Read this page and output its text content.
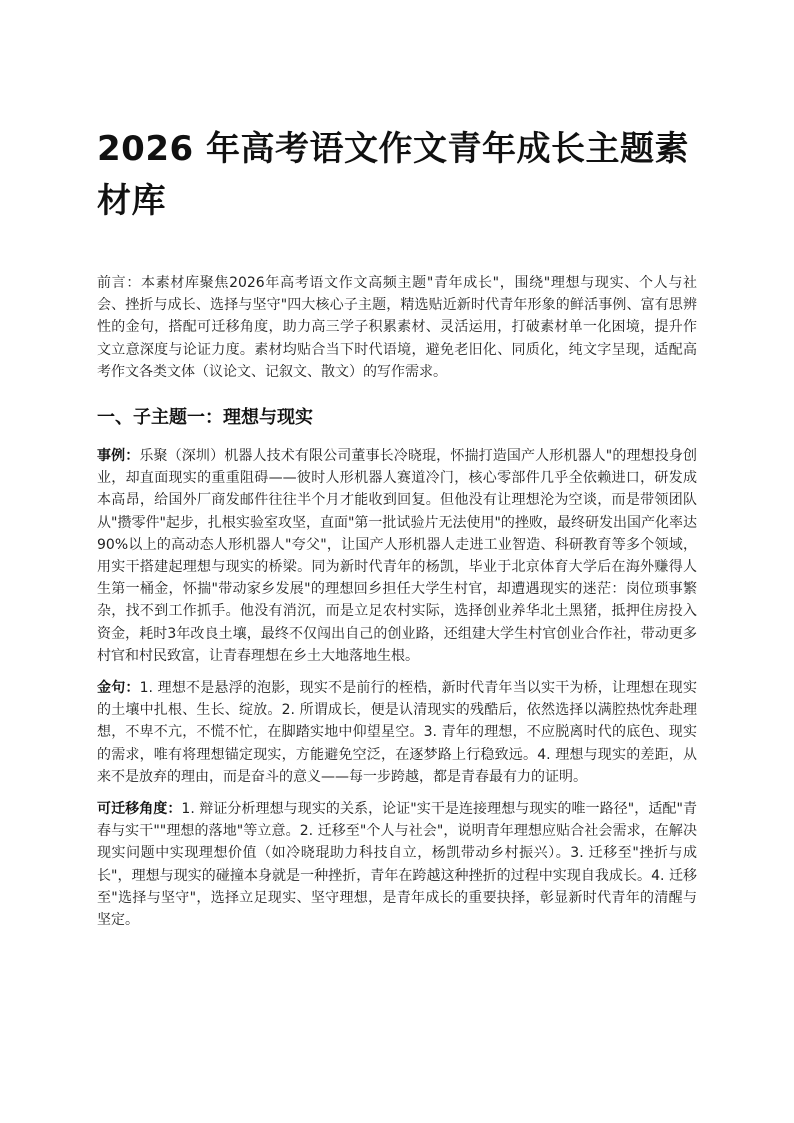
2026 年高考语文作文青年成长主题素材库

前言：本素材库聚焦2026年高考语文作文高频主题"青年成长"，围绕"理想与现实、个人与社会、挫折与成长、选择与坚守"四大核心子主题，精选贴近新时代青年形象的鲜活事例、富有思辨性的金句，搭配可迁移角度，助力高三学子积累素材、灵活运用，打破素材单一化困境，提升作文立意深度与论证力度。素材均贴合当下时代语境，避免老旧化、同质化，纯文字呈现，适配高考作文各类文体（议论文、记叙文、散文）的写作需求。

一、子主题一：理想与现实

事例：乐聚（深圳）机器人技术有限公司董事长冷晓琨，怀揣打造国产人形机器人"的理想投身创业，却直面现实的重重阻碍——彼时人形机器人赛道冷门，核心零部件几乎全依赖进口，研发成本高昂，给国外厂商发邮件往往半个月才能收到回复。但他没有让理想沦为空谈，而是带领团队从"攒零件"起步，扎根实验室攻坚，直面"第一批试验片无法使用"的挫败，最终研发出国产化率达90%以上的高动态人形机器人"夸父"，让国产人形机器人走进工业智造、科研教育等多个领域，用实干搭建起理想与现实的桥梁。同为新时代青年的杨凯，毕业于北京体育大学后在海外赚得人生第一桶金，怀揣"带动家乡发展"的理想回乡担任大学生村官，却遭遇现实的迷茫：岗位琐事繁杂，找不到工作抓手。他没有消沉，而是立足农村实际，选择创业养华北土黑猪，抵押住房投入资金，耗时3年改良土壤，最终不仅闯出自己的创业路，还组建大学生村官创业合作社，带动更多村官和村民致富，让青春理想在乡土大地落地生根。

金句：1. 理想不是悬浮的泡影，现实不是前行的桎梏，新时代青年当以实干为桥，让理想在现实的土壤中扎根、生长、绽放。2. 所谓成长，便是认清现实的残酷后，依然选择以满腔热忱奔赴理想，不卑不亢，不慌不忙，在脚踏实地中仰望星空。3. 青年的理想，不应脱离时代的底色、现实的需求，唯有将理想锚定现实，方能避免空泛，在逐梦路上行稳致远。4. 理想与现实的差距，从来不是放弃的理由，而是奋斗的意义——每一步跨越，都是青春最有力的证明。

可迁移角度：1. 辩证分析理想与现实的关系，论证"实干是连接理想与现实的唯一路径"，适配"青春与实干""理想的落地"等立意。2. 迁移至"个人与社会"，说明青年理想应贴合社会需求，在解决现实问题中实现理想价值（如冷晓琨助力科技自立，杨凯带动乡村振兴）。3. 迁移至"挫折与成长"，理想与现实的碰撞本身就是一种挫折，青年在跨越这种挫折的过程中实现自我成长。4. 迁移至"选择与坚守"，选择立足现实、坚守理想，是青年成长的重要抉择，彰显新时代青年的清醒与坚定。
